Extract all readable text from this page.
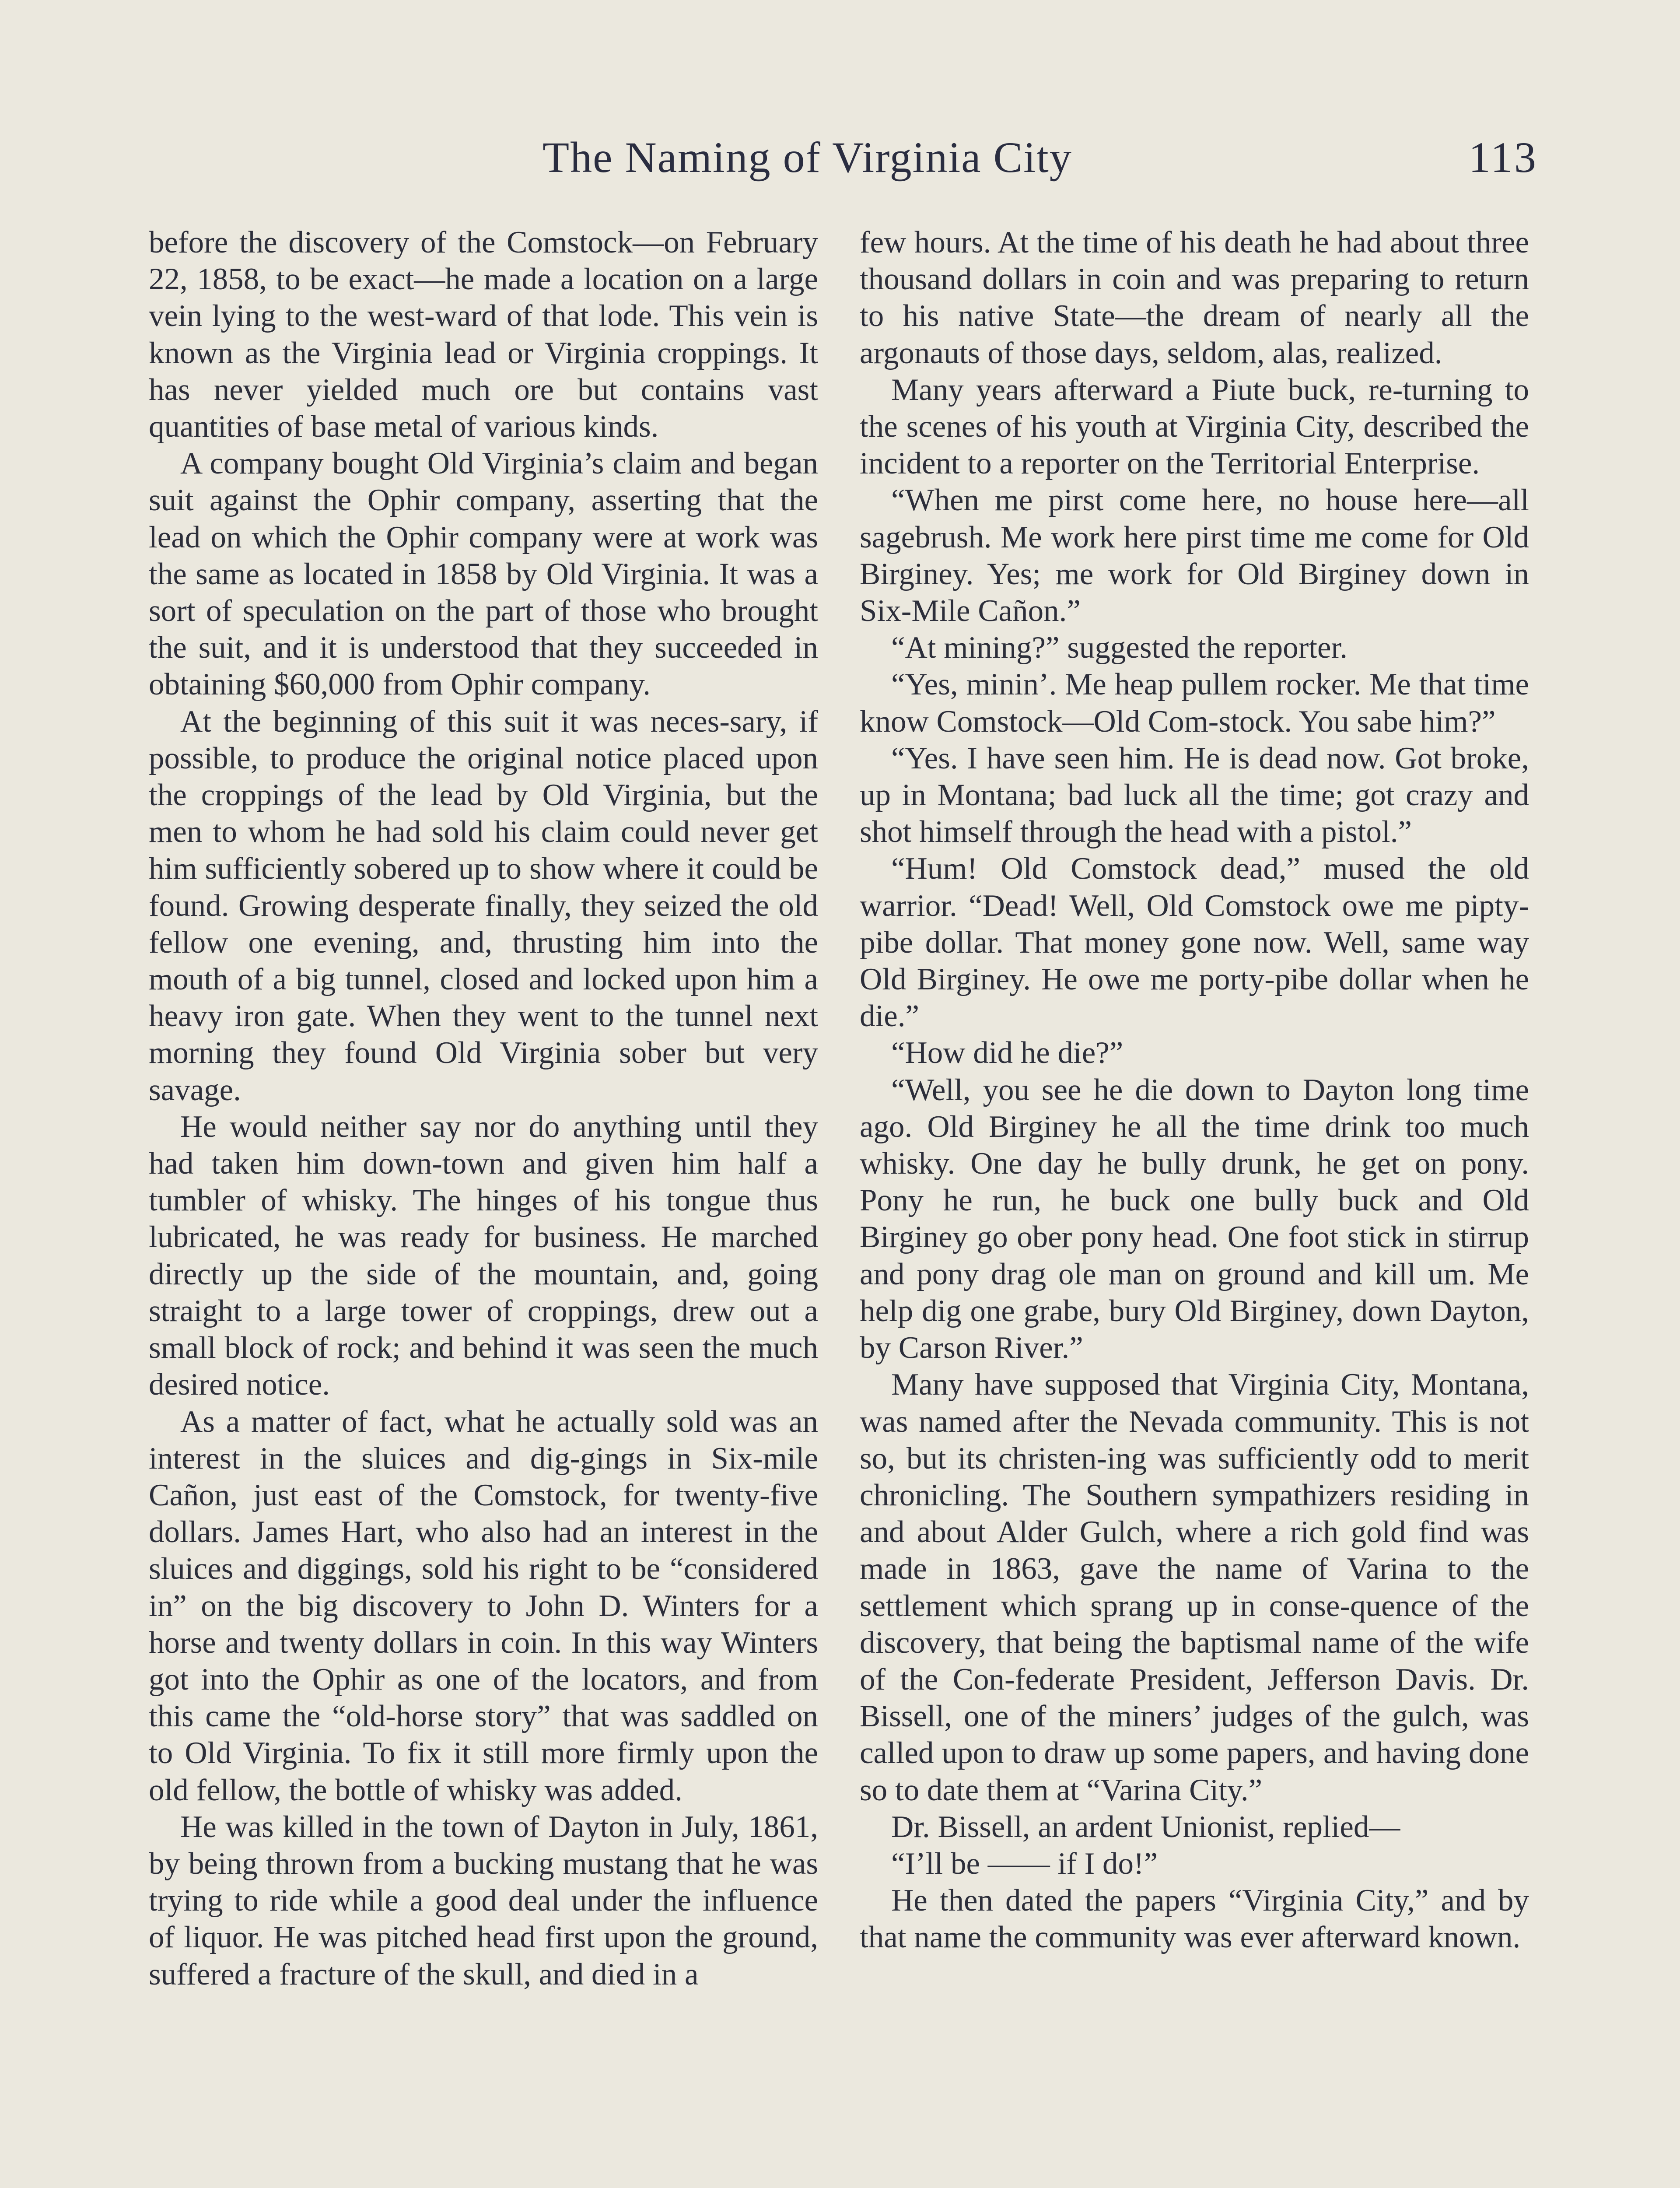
The Naming of Virginia City	113

before the discovery of the Comstock—on February 22, 1858, to be exact—he made a location on a large vein lying to the west-ward of that lode. This vein is known as the Virginia lead or Virginia croppings. It has never yielded much ore but contains vast quantities of base metal of various kinds.

A company bought Old Virginia’s claim and began suit against the Ophir company, asserting that the lead on which the Ophir company were at work was the same as located in 1858 by Old Virginia. It was a sort of speculation on the part of those who brought the suit, and it is understood that they succeeded in obtaining $60,000 from Ophir company.

At the beginning of this suit it was neces-sary, if possible, to produce the original notice placed upon the croppings of the lead by Old Virginia, but the men to whom he had sold his claim could never get him sufficiently sobered up to show where it could be found. Growing desperate finally, they seized the old fellow one evening, and, thrusting him into the mouth of a big tunnel, closed and locked upon him a heavy iron gate. When they went to the tunnel next morning they found Old Virginia sober but very savage.

He would neither say nor do anything until they had taken him down-town and given him half a tumbler of whisky. The hinges of his tongue thus lubricated, he was ready for business. He marched directly up the side of the mountain, and, going straight to a large tower of croppings, drew out a small block of rock; and behind it was seen the much desired notice.

As a matter of fact, what he actually sold was an interest in the sluices and dig-gings in Six-mile Cañon, just east of the Comstock, for twenty-five dollars. James Hart, who also had an interest in the sluices and diggings, sold his right to be “considered in” on the big discovery to John D. Winters for a horse and twenty dollars in coin. In this way Winters got into the Ophir as one of the locators, and from this came the “old-horse story” that was saddled on to Old Virginia. To fix it still more firmly upon the old fellow, the bottle of whisky was added.

He was killed in the town of Dayton in July, 1861, by being thrown from a bucking mustang that he was trying to ride while a good deal under the influence of liquor. He was pitched head first upon the ground, suffered a fracture of the skull, and died in a

few hours. At the time of his death he had about three thousand dollars in coin and was preparing to return to his native State—the dream of nearly all the argonauts of those days, seldom, alas, realized.

Many years afterward a Piute buck, re-turning to the scenes of his youth at Virginia City, described the incident to a reporter on the Territorial Enterprise.

“When me pirst come here, no house here—all sagebrush. Me work here pirst time me come for Old Birginey. Yes; me work for Old Birginey down in Six-Mile Cañon.”

“At mining?” suggested the reporter.

“Yes, minin’. Me heap pullem rocker. Me that time know Comstock—Old Com-stock. You sabe him?”

“Yes. I have seen him. He is dead now. Got broke, up in Montana; bad luck all the time; got crazy and shot himself through the head with a pistol.”

“Hum! Old Comstock dead,” mused the old warrior. “Dead! Well, Old Comstock owe me pipty-pibe dollar. That money gone now. Well, same way Old Birginey. He owe me porty-pibe dollar when he die.”

“How did he die?”

“Well, you see he die down to Dayton long time ago. Old Birginey he all the time drink too much whisky. One day he bully drunk, he get on pony. Pony he run, he buck one bully buck and Old Birginey go ober pony head. One foot stick in stirrup and pony drag ole man on ground and kill um. Me help dig one grabe, bury Old Birginey, down Dayton, by Carson River.”

Many have supposed that Virginia City, Montana, was named after the Nevada community. This is not so, but its christen-ing was sufficiently odd to merit chronicling. The Southern sympathizers residing in and about Alder Gulch, where a rich gold find was made in 1863, gave the name of Varina to the settlement which sprang up in conse-quence of the discovery, that being the baptismal name of the wife of the Con-federate President, Jefferson Davis. Dr. Bissell, one of the miners’ judges of the gulch, was called upon to draw up some papers, and having done so to date them at “Varina City.”

Dr. Bissell, an ardent Unionist, replied—

“I’ll be —— if I do!”

He then dated the papers “Virginia City,” and by that name the community was ever afterward known.
